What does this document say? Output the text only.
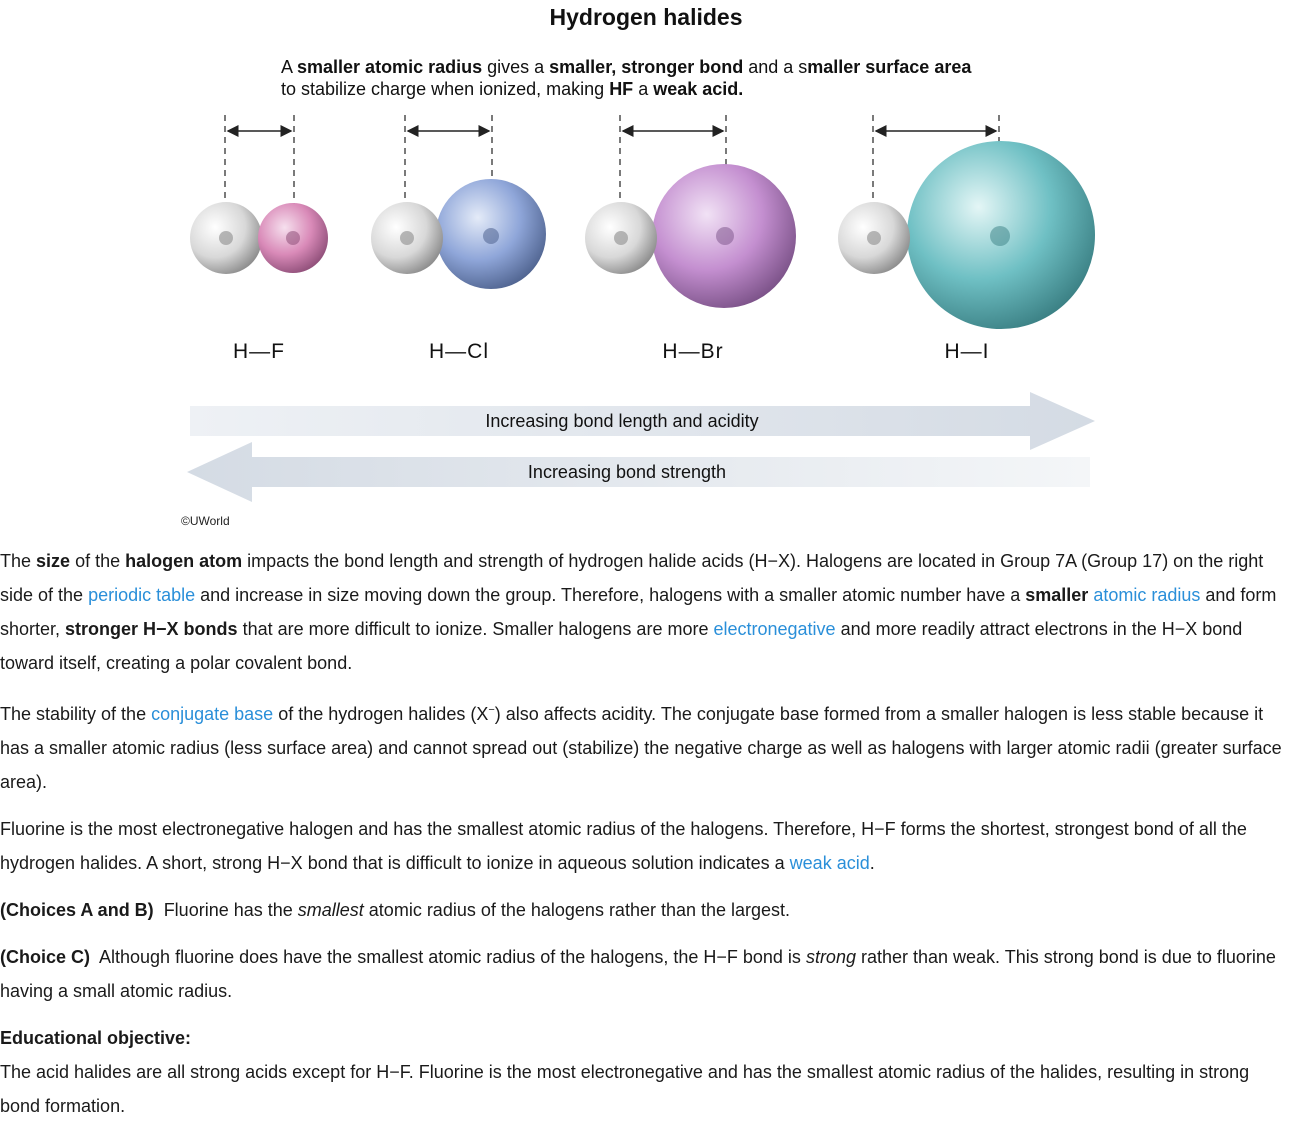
Hydrogen halides
A smaller atomic radius gives a smaller, stronger bond and a smaller surface area
to stabilize charge when ionized, making HF a weak acid.
H—F	H—Cl	H—Br	H—I
Increasing bond length and acidity
Increasing bond strength
©UWorld

The size of the halogen atom impacts the bond length and strength of hydrogen halide acids (H−X). Halogens are located in Group 7A (Group 17) on the right side of the periodic table and increase in size moving down the group. Therefore, halogens with a smaller atomic number have a smaller atomic radius and form shorter, stronger H−X bonds that are more difficult to ionize. Smaller halogens are more electronegative and more readily attract electrons in the H−X bond toward itself, creating a polar covalent bond.

The stability of the conjugate base of the hydrogen halides (X−) also affects acidity. The conjugate base formed from a smaller halogen is less stable because it has a smaller atomic radius (less surface area) and cannot spread out (stabilize) the negative charge as well as halogens with larger atomic radii (greater surface area).

Fluorine is the most electronegative halogen and has the smallest atomic radius of the halogens. Therefore, H−F forms the shortest, strongest bond of all the hydrogen halides. A short, strong H−X bond that is difficult to ionize in aqueous solution indicates a weak acid.

(Choices A and B)  Fluorine has the smallest atomic radius of the halogens rather than the largest.

(Choice C)  Although fluorine does have the smallest atomic radius of the halogens, the H−F bond is strong rather than weak. This strong bond is due to fluorine having a small atomic radius.

Educational objective:

The acid halides are all strong acids except for H−F. Fluorine is the most electronegative and has the smallest atomic radius of the halides, resulting in strong bond formation.
